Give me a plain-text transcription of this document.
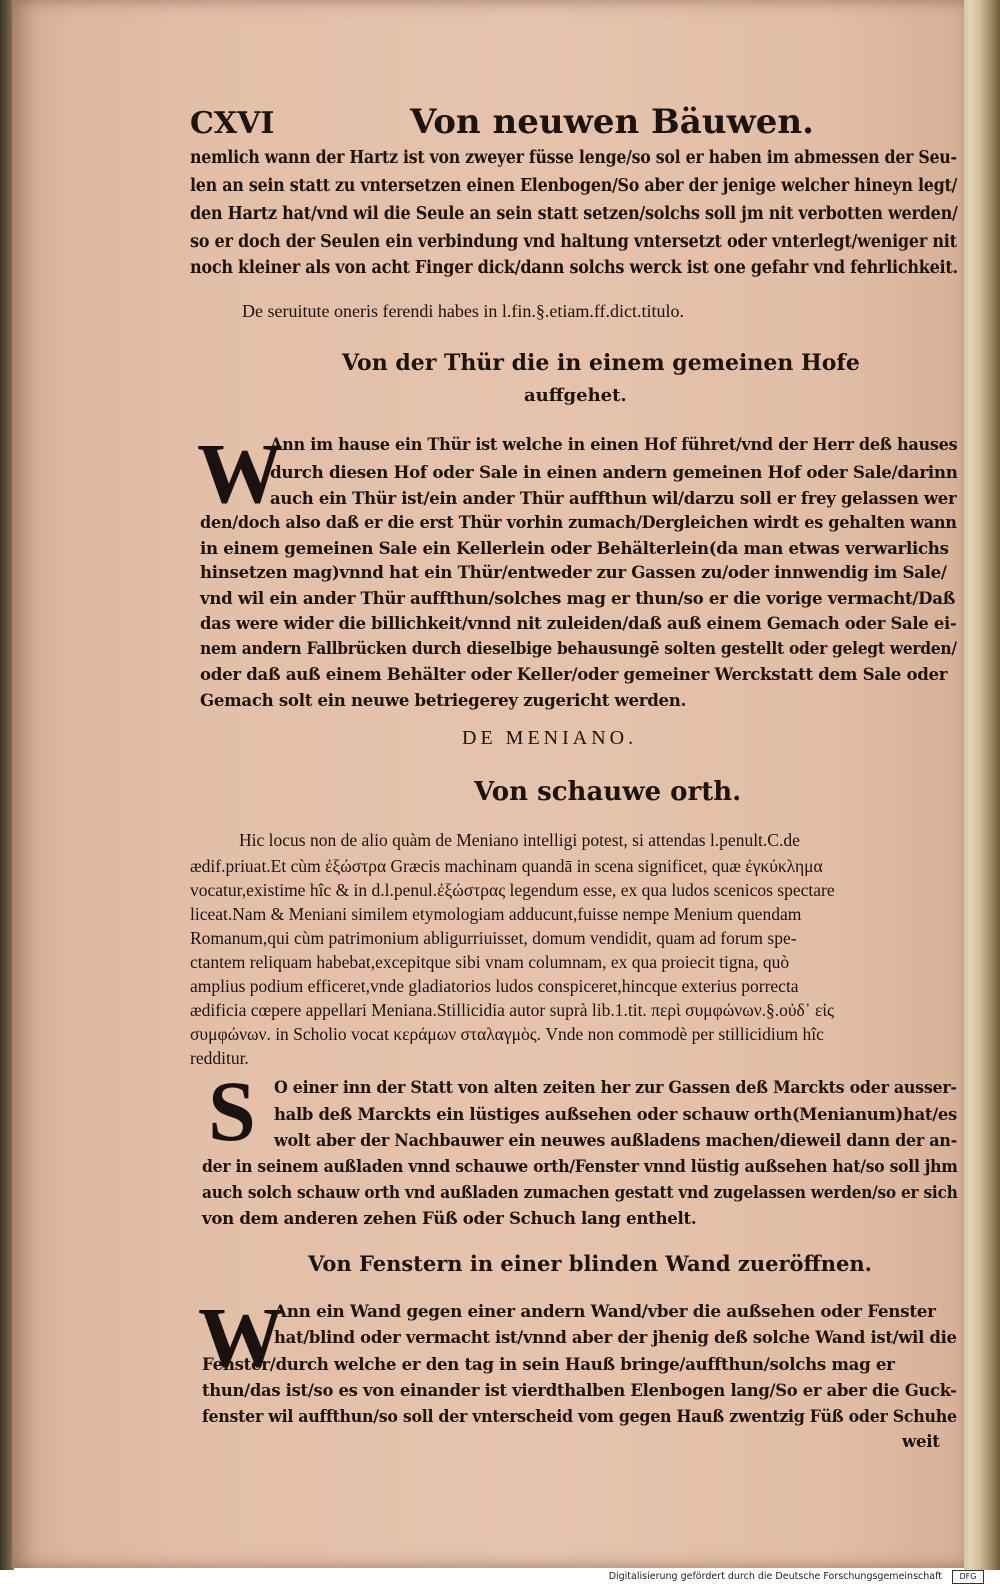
CXVI	Von neuwen Bäuwen.
nemlich wann der Hartz ist von zweyer füsse lenge/so sol er haben im abmessen der Seu-
len an sein statt zu vntersetzen einen Elenbogen/So aber der jenige welcher hineyn legt/
den Hartz hat/vnd wil die Seule an sein statt setzen/solchs soll jm nit verbotten werden/
so er doch der Seulen ein verbindung vnd haltung vntersetzt oder vnterlegt/weniger nit
noch kleiner als von acht Finger dick/dann solchs werck ist one gefahr vnd fehrlichkeit.
De seruitute oneris ferendi habes in l.fin.§.etiam.ff.dict.titulo.
Von der Thür die in einem gemeinen Hofe
auffgehet.
W
Ann im hause ein Thür ist welche in einen Hof führet/vnd der Herr deß hauses
durch diesen Hof oder Sale in einen andern gemeinen Hof oder Sale/darinn
auch ein Thür ist/ein ander Thür auffthun wil/darzu soll er frey gelassen wer
den/doch also daß er die erst Thür vorhin zumach/Dergleichen wirdt es gehalten wann
in einem gemeinen Sale ein Kellerlein oder Behälterlein(da man etwas verwarlichs
hinsetzen mag)vnnd hat ein Thür/entweder zur Gassen zu/oder innwendig im Sale/
vnd wil ein ander Thür auffthun/solches mag er thun/so er die vorige vermacht/Daß
das were wider die billichkeit/vnnd nit zuleiden/daß auß einem Gemach oder Sale ei-
nem andern Fallbrücken durch dieselbige behausungē solten gestellt oder gelegt werden/
oder daß auß einem Behälter oder Keller/oder gemeiner Werckstatt dem Sale oder
Gemach solt ein neuwe betriegerey zugericht werden.
DE MENIANO.
Von schauwe orth.
Hic locus non de alio quàm de Meniano intelligi potest, si attendas l.penult.C.de
ædif.priuat.Et cùm ἐξώστρα Græcis machinam quandā in scena significet, quæ ἐγκύκλημα
vocatur,existime hîc & in d.l.penul.ἐξώστρας legendum esse, ex qua ludos scenicos spectare
liceat.Nam & Meniani similem etymologiam adducunt,fuisse nempe Menium quendam
Romanum,qui cùm patrimonium abligurriuisset, domum vendidit, quam ad forum spe-
ctantem reliquam habebat,excepitque sibi vnam columnam, ex qua proiecit tigna, quò
amplius podium efficeret,vnde gladiatorios ludos conspiceret,hincque exterius porrecta
ædificia cœpere appellari Meniana.Stillicidia autor suprà lib.1.tit. περὶ συμφώνων.§.οὐδ᾽ εἰς
συμφώνων. in Scholio vocat κεράμων σταλαγμὸς. Vnde non commodè per stillicidium hîc
redditur.
S O einer inn der Statt von alten zeiten her zur Gassen deß Marckts oder ausser-
halb deß Marckts ein lüstiges außsehen oder schauw orth(Menianum)hat/es
wolt aber der Nachbauwer ein neuwes außladens machen/dieweil dann der an-
der in seinem außladen vnnd schauwe orth/Fenster vnnd lüstig außsehen hat/so soll jhm
auch solch schauw orth vnd außladen zumachen gestatt vnd zugelassen werden/so er sich
von dem anderen zehen Füß oder Schuch lang enthelt.
Von Fenstern in einer blinden Wand zueröffnen.
W
Ann ein Wand gegen einer andern Wand/vber die außsehen oder Fenster
hat/blind oder vermacht ist/vnnd aber der jhenig deß solche Wand ist/wil die
Fenster/durch welche er den tag in sein Hauß bringe/auffthun/solchs mag er
thun/das ist/so es von einander ist vierdthalben Elenbogen lang/So er aber die Guck-
fenster wil auffthun/so soll der vnterscheid vom gegen Hauß zwentzig Füß oder Schuhe
weit
Digitalisierung gefördert durch die Deutsche Forschungsgemeinschaft	DFG
